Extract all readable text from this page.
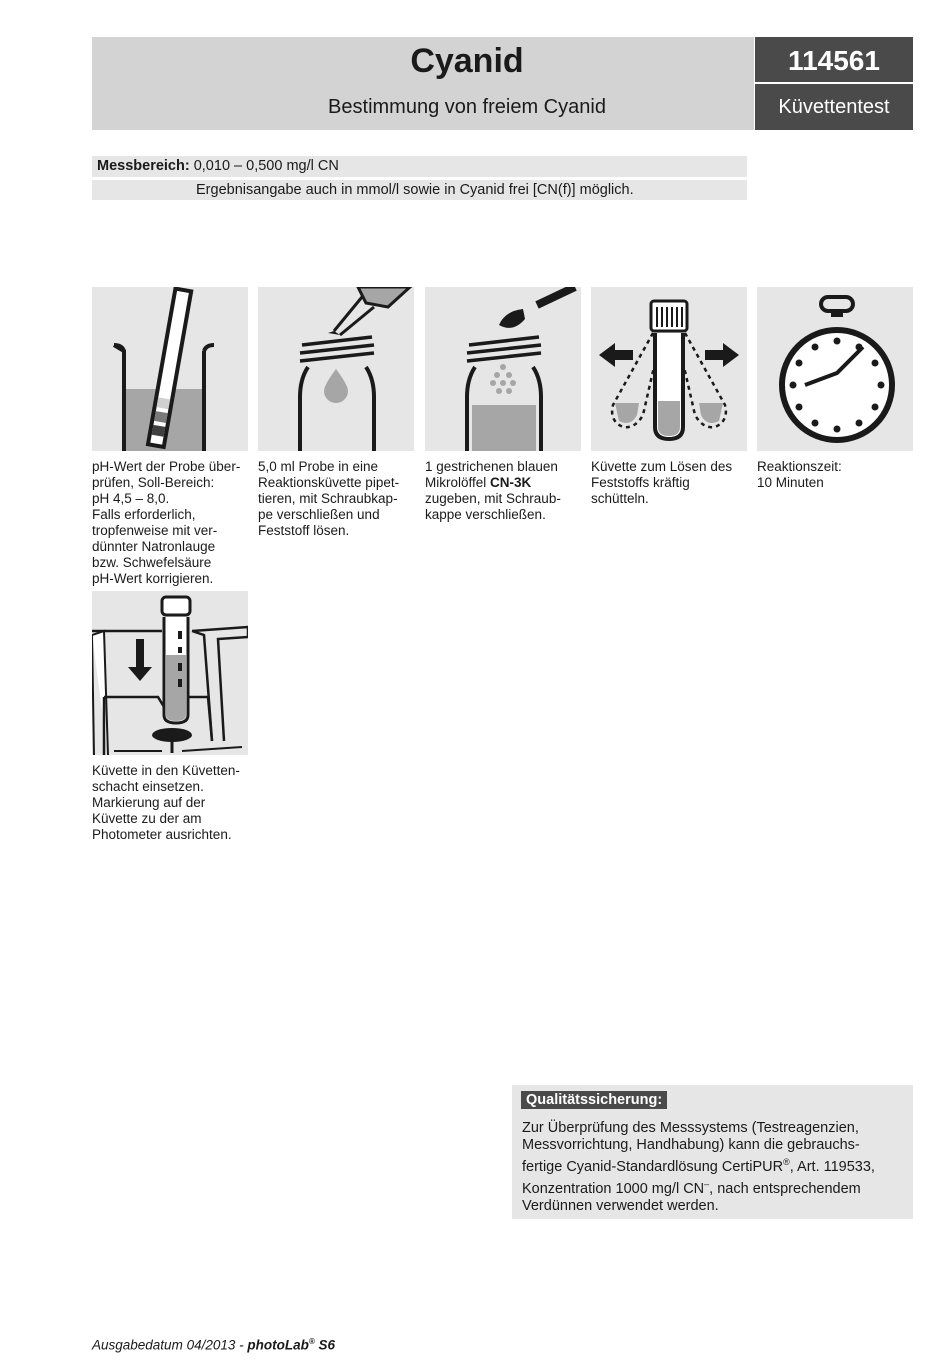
Cyanid
Bestimmung von freiem Cyanid
114561
Küvettentest
Messbereich: 0,010 – 0,500 mg/l CN
Ergebnisangabe auch in mmol/l sowie in Cyanid frei [CN(f)] möglich.
pH-Wert der Probe über-
prüfen, Soll-Bereich:
pH 4,5 – 8,0.
Falls erforderlich,
tropfenweise mit ver-
dünnter Natronlauge
bzw. Schwefelsäure
pH-Wert korrigieren.
5,0 ml Probe in eine
Reaktionsküvette pipet-
tieren, mit Schraubkap-
pe verschließen und
Feststoff lösen.
1 gestrichenen blauen
Mikrolöffel CN-3K
zugeben, mit Schraub-
kappe verschließen.
Küvette zum Lösen des
Feststoffs kräftig
schütteln.
Reaktionszeit:
10 Minuten
Küvette in den Küvetten-
schacht einsetzen.
Markierung auf der
Küvette zu der am
Photometer ausrichten.
Qualitätssicherung:
Zur Überprüfung des Messsystems (Testreagenzien,
Messvorrichtung, Handhabung) kann die gebrauchs-
fertige Cyanid-Standardlösung CertiPUR®, Art. 119533,
Konzentration 1000 mg/l CN–, nach entsprechendem
Verdünnen verwendet werden.
Ausgabedatum 04/2013 - photoLab® S6
